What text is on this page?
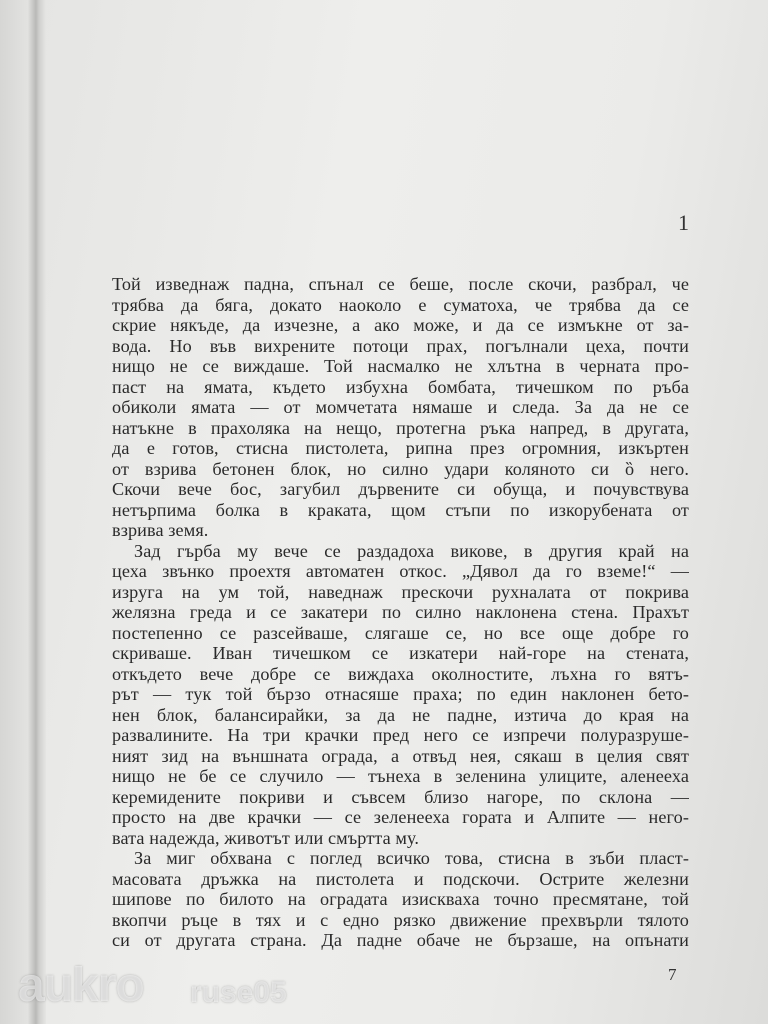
1
Той изведнаж падна, спънал се беше, после скочи, разбрал, че
трябва да бяга, докато наоколо е суматоха, че трябва да се
скрие някъде, да изчезне, а ако може, и да се измъкне от за-
вода. Но във вихрените потоци прах, погълнали цеха, почти
нищо не се виждаше. Той насмалко не хлътна в черната про-
паст на ямата, където избухна бомбата, тичешком по ръба
обиколи ямата — от момчетата нямаше и следа. За да не се
натъкне в прахоляка на нещо, протегна ръка напред, в другата,
да е готов, стисна пистолета, рипна през огромния, изкъртен
от взрива бетонен блок, но силно удари коляното си ȍ него.
Скочи вече бос, загубил дървените си обуща, и почувствува
нетърпима болка в краката, щом стъпи по изкорубената от
взрива земя.
Зад гърба му вече се раздадоха викове, в другия край на
цеха звънко проехтя автоматен откос. „Дявол да го вземе!“ —
изруга на ум той, наведнаж прескочи рухналата от покрива
желязна греда и се закатери по силно наклонена стена. Прахът
постепенно се разсейваше, слягаше се, но все още добре го
скриваше. Иван тичешком се изкатери най-горе на стената,
откъдето вече добре се виждаха околностите, лъхна го вятъ-
рът — тук той бързо отнасяше праха; по един наклонен бето-
нен блок, балансирайки, за да не падне, изтича до края на
развалините. На три крачки пред него се изпречи полуразруше-
ният зид на външната ограда, а отвъд нея, сякаш в целия свят
нищо не бе се случило — тънеха в зеленина улиците, аленееха
керемидените покриви и съвсем близо нагоре, по склона —
просто на две крачки — се зеленееха гората и Алпите — него-
вата надежда, животът или смъртта му.
За миг обхвана с поглед всичко това, стисна в зъби пласт-
масовата дръжка на пистолета и подскочи. Острите железни
шипове по билото на оградата изискваха точно пресмятане, той
вкопчи ръце в тях и с едно рязко движение прехвърли тялото
си от другата страна. Да падне обаче не бързаше, на опънати
7
aukro ruse05
